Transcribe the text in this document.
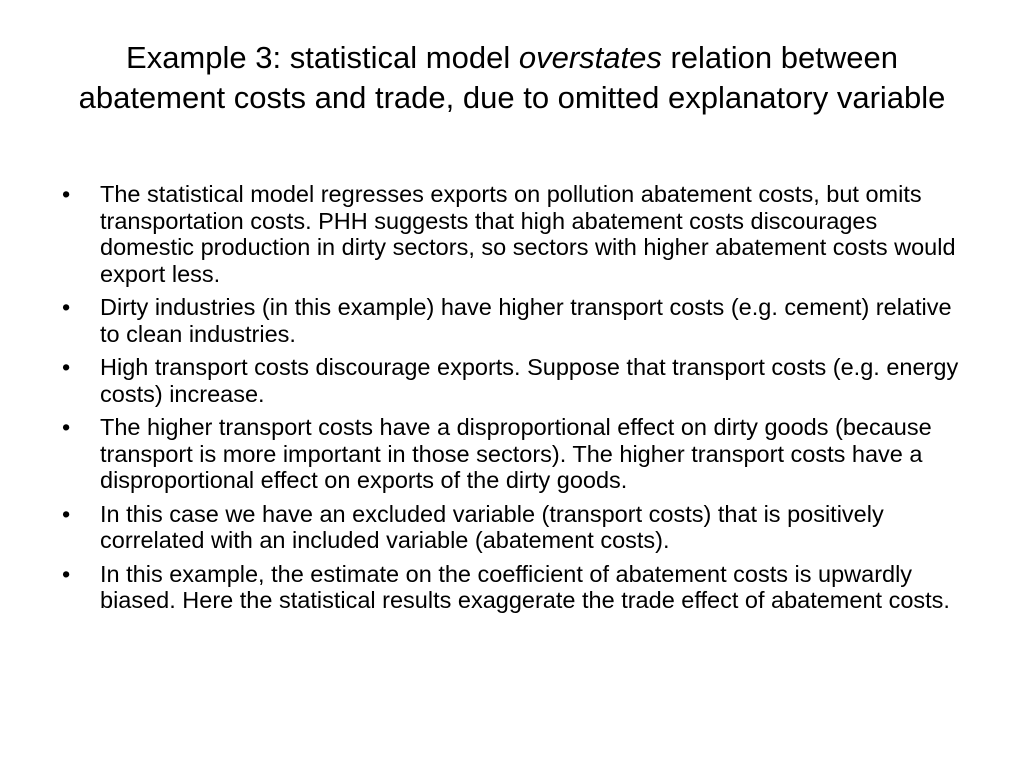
Example 3: statistical model overstates relation between abatement costs and trade, due to omitted explanatory variable
•	The statistical model regresses exports on pollution abatement costs, but omits transportation costs. PHH suggests that high abatement costs discourages domestic production in dirty sectors, so sectors with higher abatement costs would export less.
•	Dirty industries (in this example) have higher transport costs (e.g. cement) relative to clean industries.
•	High transport costs discourage exports. Suppose that transport costs (e.g. energy costs) increase.
•	The higher transport costs have a disproportional effect on dirty goods (because transport is more important in those sectors). The higher transport costs have a disproportional effect on exports of the dirty goods.
•	In this case we have an excluded variable (transport costs) that is positively correlated with an included variable (abatement costs).
•	In this example, the estimate on the coefficient of abatement costs is upwardly biased. Here the statistical results exaggerate the trade effect of abatement costs.
